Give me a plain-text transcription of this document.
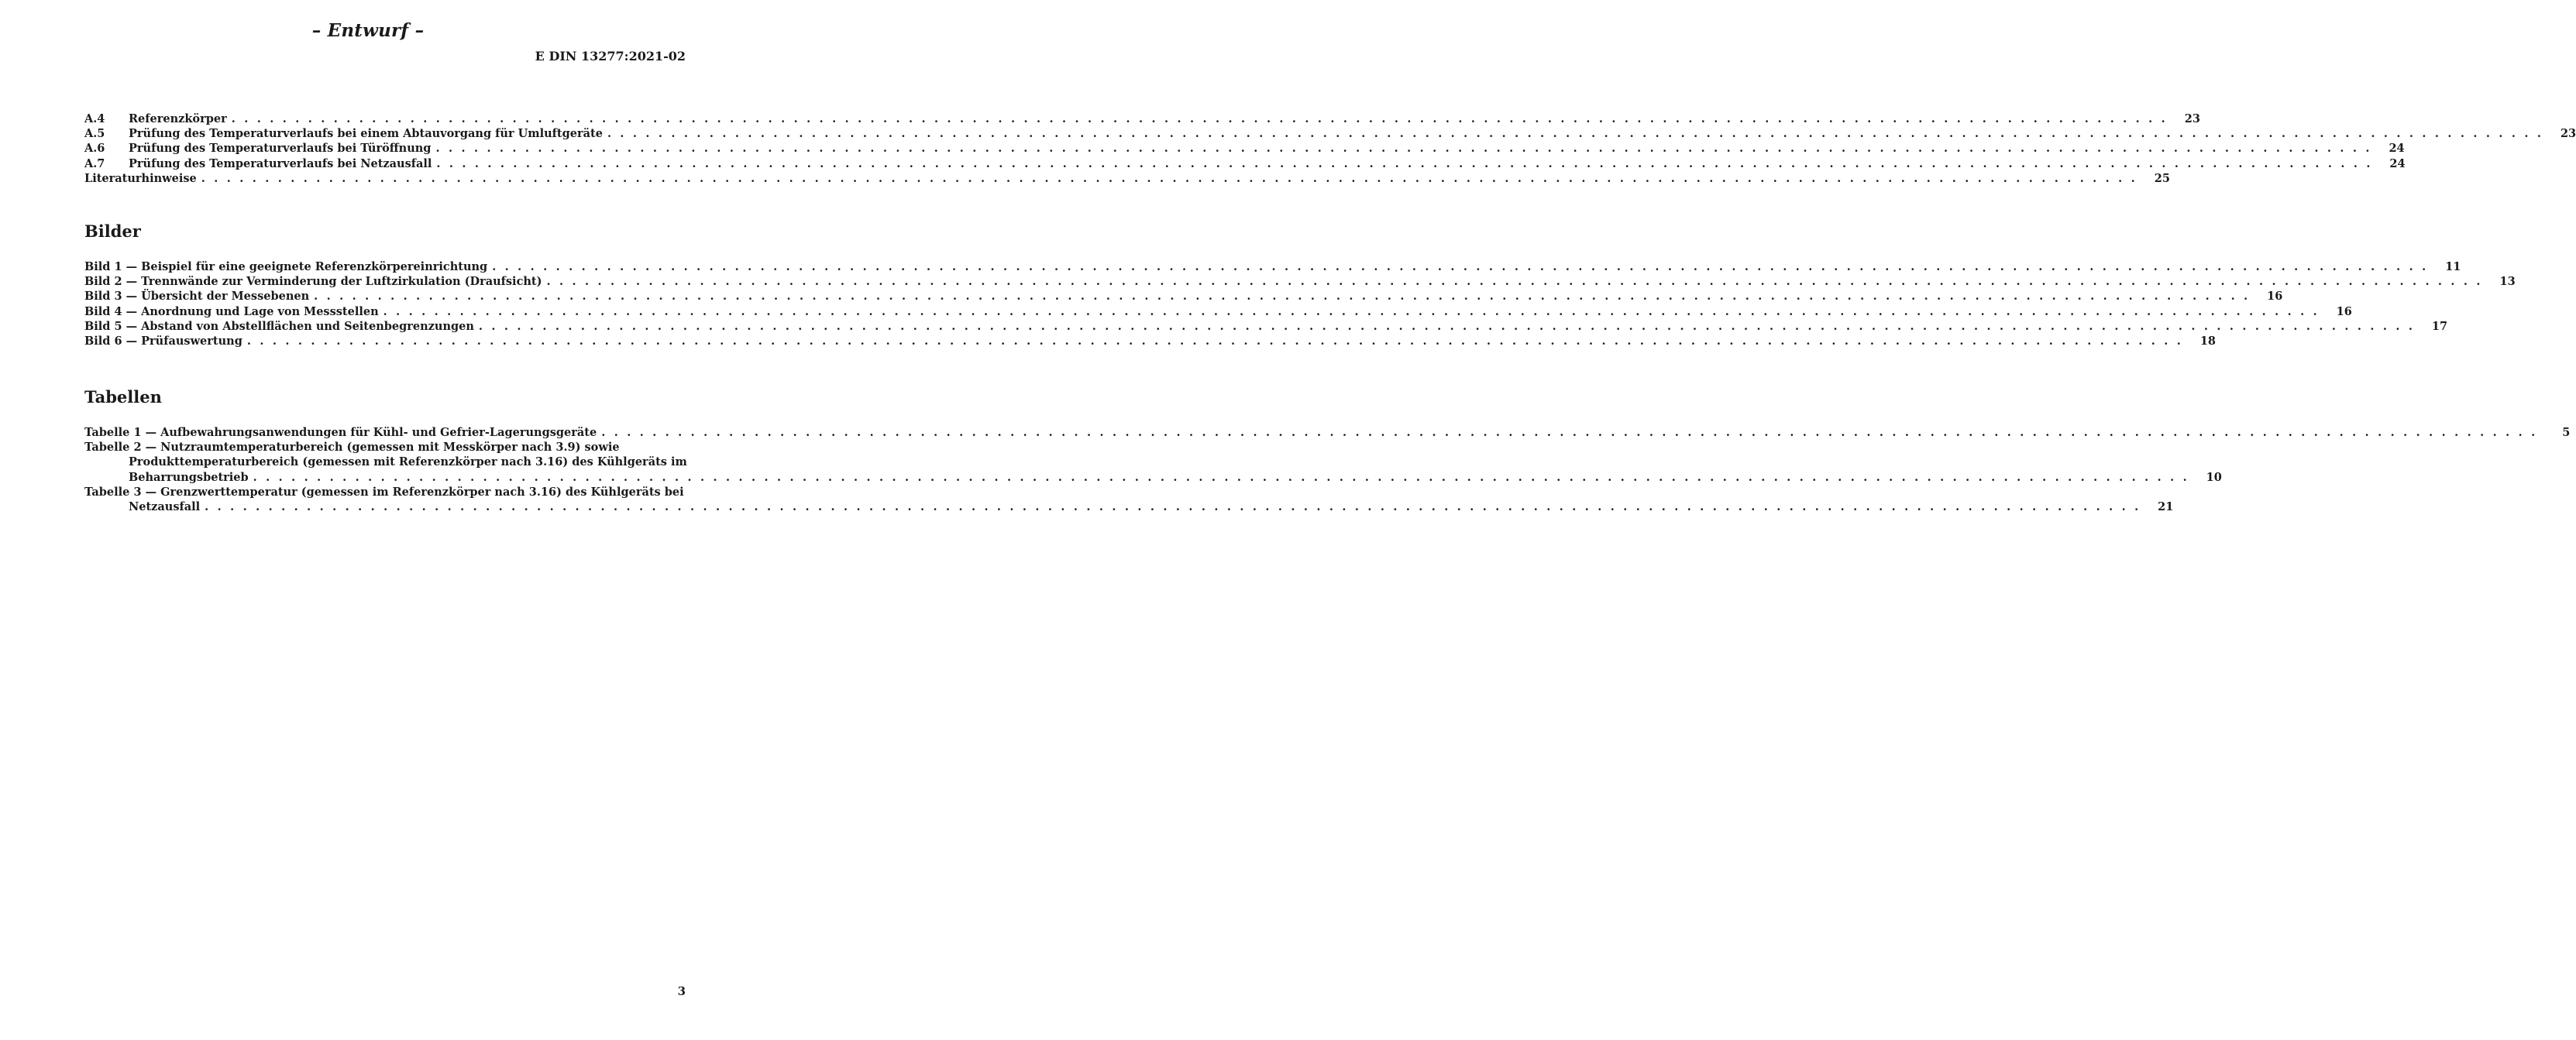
– Entwurf –
E DIN 13277:2021-02
A.4	Referenzkörper . . .	23
A.5	Prüfung des Temperaturverlaufs bei einem Abtauvorgang für Umluftgeräte . . .	23
A.6	Prüfung des Temperaturverlaufs bei Türöffnung . . .	24
A.7	Prüfung des Temperaturverlaufs bei Netzausfall . . .	24
Literaturhinweise . . .	25
Bilder
Bild 1 — Beispiel für eine geeignete Referenzkörpereinrichtung . . .	11
Bild 2 — Trennwände zur Verminderung der Luftzirkulation (Draufsicht) . . .	13
Bild 3 — Übersicht der Messebenen . . .	16
Bild 4 — Anordnung und Lage von Messstellen . . .	16
Bild 5 — Abstand von Abstellflächen und Seitenbegrenzungen . . .	17
Bild 6 — Prüfauswertung . . .	18
Tabellen
Tabelle 1 — Aufbewahrungsanwendungen für Kühl- und Gefrier-Lagerungsgeräte . . .	5
Tabelle 2 — Nutzraumtemperaturbereich (gemessen mit Messkörper nach 3.9) sowie
Produkttemperaturbereich (gemessen mit Referenzkörper nach 3.16) des Kühlgeräts im
Beharrungsbetrieb . . .	10
Tabelle 3 — Grenzwerttemperatur (gemessen im Referenzkörper nach 3.16) des Kühlgeräts bei
Netzausfall . . .	21
3
